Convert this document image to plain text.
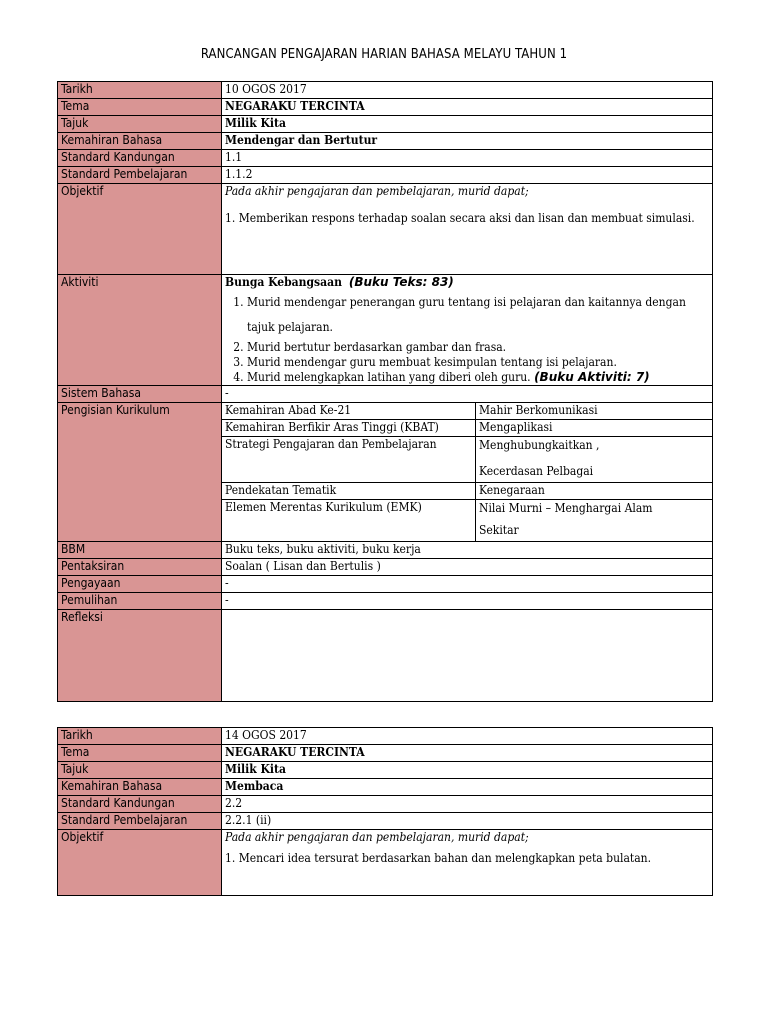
RANCANGAN PENGAJARAN HARIAN BAHASA MELAYU TAHUN 1
Tarikh	10 OGOS 2017
Tema	NEGARAKU TERCINTA
Tajuk	Milik Kita
Kemahiran Bahasa	Mendengar dan Bertutur
Standard Kandungan	1.1
Standard Pembelajaran	1.1.2
Objektif	Pada akhir pengajaran dan pembelajaran, murid dapat;
1. Memberikan respons terhadap soalan secara aksi dan lisan dan membuat simulasi.

Aktiviti	Bunga Kebangsaan (Buku Teks: 83)
1. Murid mendengar penerangan guru tentang isi pelajaran dan kaitannya dengan tajuk pelajaran.
2. Murid bertutur berdasarkan gambar dan frasa.
3. Murid mendengar guru membuat kesimpulan tentang isi pelajaran.
4. Murid melengkapkan latihan yang diberi oleh guru. (Buku Aktiviti: 7)

Sistem Bahasa	-
Pengisian Kurikulum		Kemahiran Abad Ke-21	Mahir Berkomunikasi
Kemahiran Berfikir Aras Tinggi (KBAT)	Mengaplikasi
Strategi Pengajaran dan Pembelajaran	Menghubungkaitkan ,
Kecerdasan Pelbagai

Pendekatan Tematik	Kenegaraan
Elemen Merentas Kurikulum (EMK)	Nilai Murni – Menghargai Alam
Sekitar

BBM	Buku teks, buku aktiviti, buku kerja
Pentaksiran	Soalan ( Lisan dan Bertulis )
Pengayaan	-
Pemulihan	-
Refleksi	
Tarikh	14 OGOS 2017
Tema	NEGARAKU TERCINTA
Tajuk	Milik Kita
Kemahiran Bahasa	Membaca
Standard Kandungan	2.2
Standard Pembelajaran	2.2.1 (ii)
Objektif	Pada akhir pengajaran dan pembelajaran, murid dapat;
1. Mencari idea tersurat berdasarkan bahan dan melengkapkan peta bulatan.
